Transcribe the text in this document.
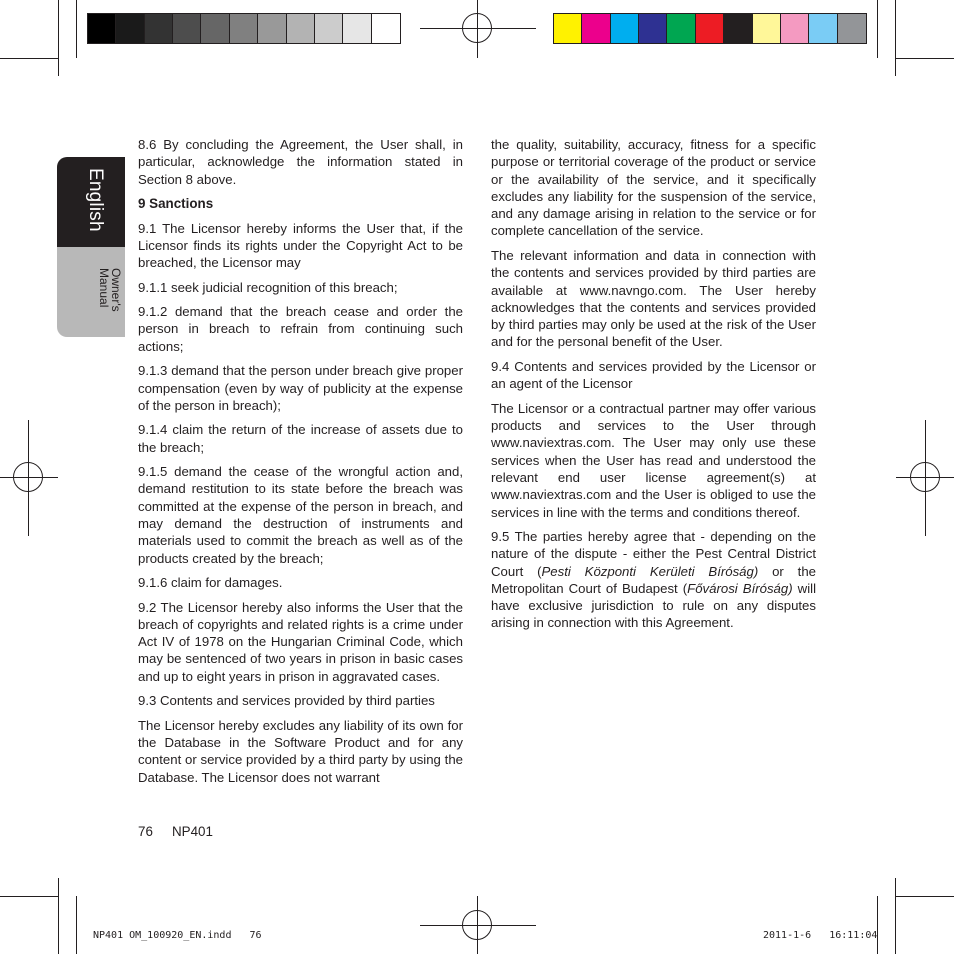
English
Owner's
Manual

8.6 By concluding the Agreement, the User shall, in particular, acknowledge the information stated in Section 8 above.

9 Sanctions

9.1 The Licensor hereby informs the User that, if the Licensor finds its rights under the Copyright Act to be breached, the Licensor may

9.1.1 seek judicial recognition of this breach;

9.1.2 demand that the breach cease and order the person in breach to refrain from continuing such actions;

9.1.3 demand that the person under breach give proper compensation (even by way of publicity at the expense of the person in breach);

9.1.4 claim the return of the increase of assets due to the breach;

9.1.5 demand the cease of the wrongful action and, demand restitution to its state before the breach was committed at the expense of the person in breach, and may demand the destruction of instruments and materials used to commit the breach as well as of the products created by the breach;

9.1.6 claim for damages.

9.2 The Licensor hereby also informs the User that the breach of copyrights and related rights is a crime under Act IV of 1978 on the Hungarian Criminal Code, which may be sentenced of two years in prison in basic cases and up to eight years in prison in aggravated cases.

9.3 Contents and services provided by third parties

The Licensor hereby excludes any liability of its own for the Database in the Software Product and for any content or service provided by a third party by using the Database. The Licensor does not warrant

the quality, suitability, accuracy, fitness for a specific purpose or territorial coverage of the product or service or the availability of the service, and it specifically excludes any liability for the suspension of the service, and any damage arising in relation to the service or for complete cancellation of the service.

The relevant information and data in connection with the contents and services provided by third parties are available at www.navngo.com. The User hereby acknowledges that the contents and services provided by third parties may only be used at the risk of the User and for the personal benefit of the User.

9.4 Contents and services provided by the Licensor or an agent of the Licensor

The Licensor or a contractual partner may offer various products and services to the User through www.naviextras.com. The User may only use these services when the User has read and understood the relevant end user license agreement(s) at www.naviextras.com and the User is obliged to use the services in line with the terms and conditions thereof.

9.5 The parties hereby agree that - depending on the nature of the dispute - either the Pest Central District Court (Pesti Központi Kerületi Bíróság) or the Metropolitan Court of Budapest (Fővárosi Bíróság) will have exclusive jurisdiction to rule on any disputes arising in connection with this Agreement.

76 NP401
NP401 OM_100920_EN.indd   76	2011-1-6   16:11:04
